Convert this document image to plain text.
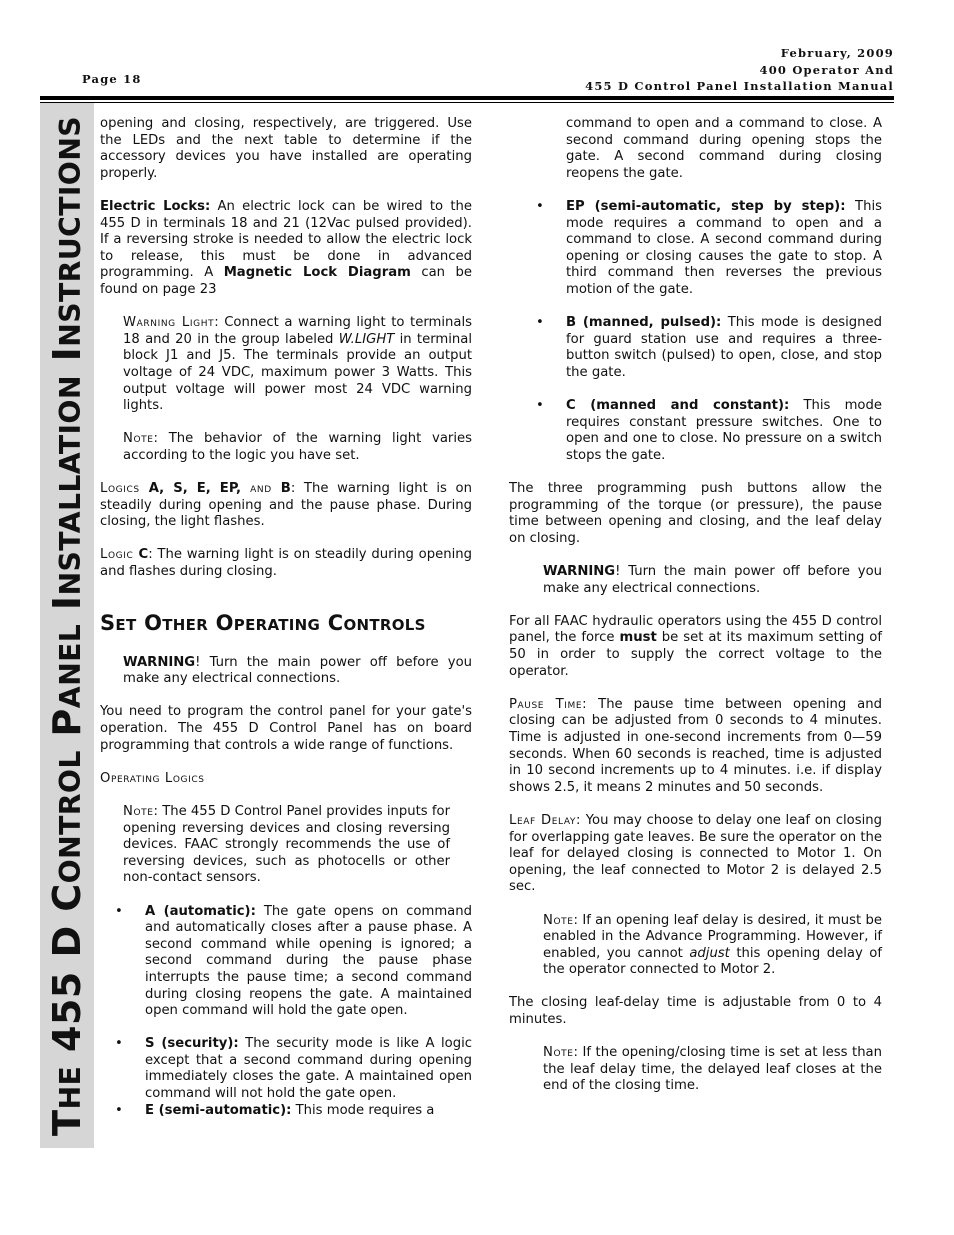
Page 18
February, 2009
400 Operator And
455 D Control Panel Installation Manual
THE 455 D CONTROL PANEL INSTALLATION INSTRUCTIONS opening and closing, respectively, are triggered. Use the LEDs and the next table to determine if the accessory devices you have installed are operating properly.

Electric Locks: An electric lock can be wired to the 455 D in terminals 18 and 21 (12Vac pulsed provided). If a reversing stroke is needed to allow the electric lock to release, this must be done in advanced programming. A Magnetic Lock Diagram can be found on page 23

Warning Light: Connect a warning light to terminals 18 and 20 in the group labeled W.LIGHT in terminal block J1 and J5. The terminals provide an output voltage of 24 VDC, maximum power 3 Watts. This output voltage will power most 24 VDC warning lights.

Note: The behavior of the warning light varies according to the logic you have set.

Logics A, S, E, EP, and B: The warning light is on steadily during opening and the pause phase. During closing, the light flashes.

Logic C: The warning light is on steadily during opening and flashes during closing.

Set Other Operating Controls

WARNING! Turn the main power off before you make any electrical connections.

You need to program the control panel for your gate's operation. The 455 D Control Panel has on board programming that controls a wide range of functions.

Operating Logics

Note: The 455 D Control Panel provides inputs for opening reversing devices and closing reversing devices. FAAC strongly recommends the use of reversing devices, such as photocells or other non-contact sensors.

• A (automatic): The gate opens on command and automatically closes after a pause phase. A second command while opening is ignored; a second command during the pause phase interrupts the pause time; a second command during closing reopens the gate. A maintained open command will hold the gate open.
• S (security): The security mode is like A logic except that a second command during opening immediately closes the gate. A maintained open command will not hold the gate open.
• E (semi-automatic): This mode requires a

command to open and a command to close. A second command during opening stops the gate. A second command during closing reopens the gate.

• EP (semi-automatic, step by step): This mode requires a command to open and a command to close. A second command during opening or closing causes the gate to stop. A third command then reverses the previous motion of the gate.
• B (manned, pulsed): This mode is designed for guard station use and requires a three-button switch (pulsed) to open, close, and stop the gate.
• C (manned and constant): This mode requires constant pressure switches. One to open and one to close. No pressure on a switch stops the gate.

The three programming push buttons allow the programming of the torque (or pressure), the pause time between opening and closing, and the leaf delay on closing.

WARNING! Turn the main power off before you make any electrical connections.

For all FAAC hydraulic operators using the 455 D control panel, the force must be set at its maximum setting of 50 in order to supply the correct voltage to the operator.

Pause Time: The pause time between opening and closing can be adjusted from 0 seconds to 4 minutes. Time is adjusted in one-second increments from 0—59 seconds. When 60 seconds is reached, time is adjusted in 10 second increments up to 4 minutes. i.e. if display shows 2.5, it means 2 minutes and 50 seconds.

Leaf Delay: You may choose to delay one leaf on closing for overlapping gate leaves. Be sure the operator on the leaf for delayed closing is connected to Motor 1. On opening, the leaf connected to Motor 2 is delayed 2.5 sec.

Note: If an opening leaf delay is desired, it must be enabled in the Advance Programming. However, if enabled, you cannot adjust this opening delay of the operator connected to Motor 2.

The closing leaf-delay time is adjustable from 0 to 4 minutes.

Note: If the opening/closing time is set at less than the leaf delay time, the delayed leaf closes at the end of the closing time.
